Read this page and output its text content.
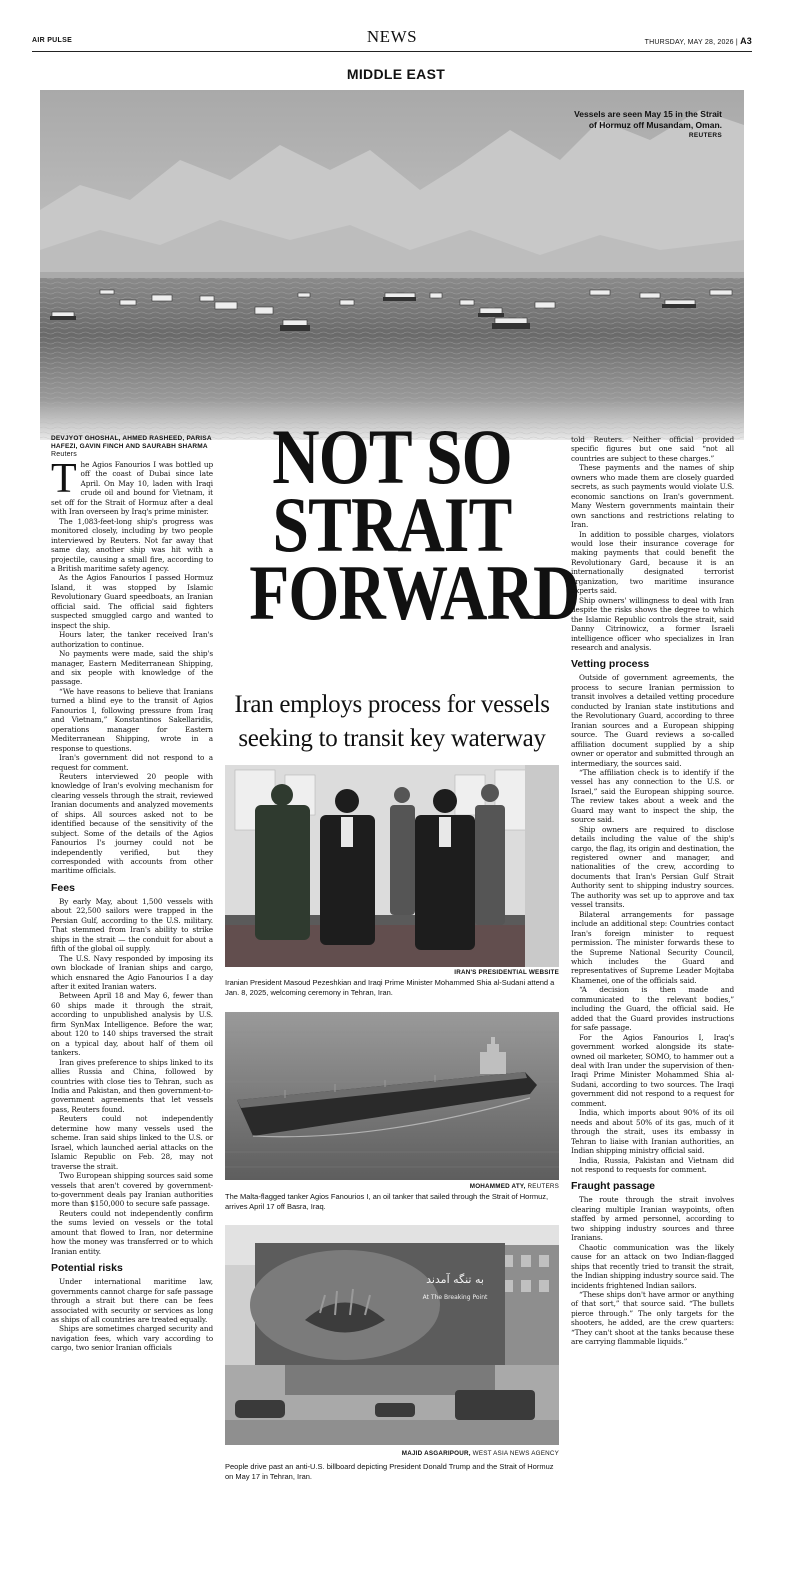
AIR PULSE	NEWS	THURSDAY, MAY 28, 2026 | A3
MIDDLE EAST
Vessels are seen May 15 in the Strait of Hormuz off Musandam, Oman.
REUTERS
DEVJYOT GHOSHAL, AHMED RASHEED, PARISA HAFEZI, GAVIN FINCH AND SAURABH SHARMA
Reuters

The Agios Fanourios I was bottled up off the coast of Dubai since late April. On May 10, laden with Iraqi crude oil and bound for Vietnam, it set off for the Strait of Hormuz after a deal with Iran overseen by Iraq's prime minister.

The 1,083-feet-long ship's progress was monitored closely, including by two people interviewed by Reuters. Not far away that same day, another ship was hit with a projectile, causing a small fire, according to a British maritime safety agency.

As the Agios Fanourios I passed Hormuz Island, it was stopped by Islamic Revolutionary Guard speedboats, an Iranian official said. The official said fighters suspected smuggled cargo and wanted to inspect the ship.

Hours later, the tanker received Iran's authorization to continue.

No payments were made, said the ship's manager, Eastern Mediterranean Shipping, and six people with knowledge of the passage.

“We have reasons to believe that Iranians turned a blind eye to the transit of Agios Fanourios I, following pressure from Iraq and Vietnam,” Konstantinos Sakellaridis, operations manager for Eastern Mediterranean Shipping, wrote in a response to questions.

Iran's government did not respond to a request for comment.

Reuters interviewed 20 people with knowledge of Iran's evolving mechanism for clearing vessels through the strait, reviewed Iranian documents and analyzed movements of ships. All sources asked not to be identified because of the sensitivity of the subject. Some of the details of the Agios Fanourios I's journey could not be independently verified, but they corresponded with accounts from other maritime officials.

Fees

By early May, about 1,500 vessels with about 22,500 sailors were trapped in the Persian Gulf, according to the U.S. military. That stemmed from Iran's ability to strike ships in the strait — the conduit for about a fifth of the global oil supply.

The U.S. Navy responded by imposing its own blockade of Iranian ships and cargo, which ensnared the Agio Fanourios I a day after it exited Iranian waters.

Between April 18 and May 6, fewer than 60 ships made it through the strait, according to unpublished analysis by U.S. firm SynMax Intelligence. Before the war, about 120 to 140 ships traversed the strait on a typical day, about half of them oil tankers.

Iran gives preference to ships linked to its allies Russia and China, followed by countries with close ties to Tehran, such as India and Pakistan, and then government-to-government agreements that let vessels pass, Reuters found.

Reuters could not independently determine how many vessels used the scheme. Iran said ships linked to the U.S. or Israel, which launched aerial attacks on the Islamic Republic on Feb. 28, may not traverse the strait.

Two European shipping sources said some vessels that aren't covered by government-to-government deals pay Iranian authorities more than $150,000 to secure safe passage.

Reuters could not independently confirm the sums levied on vessels or the total amount that flowed to Iran, nor determine how the money was transferred or to which Iranian entity.

Potential risks

Under international maritime law, governments cannot charge for safe passage through a strait but there can be fees associated with security or services as long as ships of all countries are treated equally.

Ships are sometimes charged security and navigation fees, which vary according to cargo, two senior Iranian officials

NOT SO
STRAIT
FORWARD
Iran employs process for vessels seeking to transit key waterway
IRAN'S PRESIDENTIAL WEBSITE
Iranian President Masoud Pezeshkian and Iraqi Prime Minister Mohammed Shia al-Sudani attend a Jan. 8, 2025, welcoming ceremony in Tehran, Iran.
MOHAMMED ATY, REUTERS
The Malta-flagged tanker Agios Fanourios I, an oil tanker that sailed through the Strait of Hormuz, arrives April 17 off Basra, Iraq.
به تنگه آمدند
At The Breaking Point
MAJID ASGARIPOUR, WEST ASIA NEWS AGENCY
People drive past an anti-U.S. billboard depicting President Donald Trump and the Strait of Hormuz on May 17 in Tehran, Iran.

told Reuters. Neither official provided specific figures but one said “not all countries are subject to these charges.”

These payments and the names of ship owners who made them are closely guarded secrets, as such payments would violate U.S. economic sanctions on Iran's government. Many Western governments maintain their own sanctions and restrictions relating to Iran.

In addition to possible charges, violators would lose their insurance coverage for making payments that could benefit the Revolutionary Gard, because it is an internationally designated terrorist organization, two maritime insurance experts said.

Ship owners' willingness to deal with Iran despite the risks shows the degree to which the Islamic Republic controls the strait, said Danny Citrinowicz, a former Israeli intelligence officer who specializes in Iran research and analysis.

Vetting process

Outside of government agreements, the process to secure Iranian permission to transit involves a detailed vetting procedure conducted by Iranian state institutions and the Revolutionary Guard, according to three Iranian sources and a European shipping source. The Guard reviews a so-called affiliation document supplied by a ship owner or operator and submitted through an intermediary, the sources said.

“The affiliation check is to identify if the vessel has any connection to the U.S. or Israel,” said the European shipping source. The review takes about a week and the Guard may want to inspect the ship, the source said.

Ship owners are required to disclose details including the value of the ship's cargo, the flag, its origin and destination, the registered owner and manager, and nationalities of the crew, according to documents that Iran's Persian Gulf Strait Authority sent to shipping industry sources. The authority was set up to approve and tax vessel transits.

Bilateral arrangements for passage include an additional step: Countries contact Iran's foreign minister to request permission. The minister forwards these to the Supreme National Security Council, which includes the Guard and representatives of Supreme Leader Mojtaba Khamenei, one of the officials said.

“A decision is then made and communicated to the relevant bodies,” including the Guard, the official said. He added that the Guard provides instructions for safe passage.

For the Agios Fanourios I, Iraq's government worked alongside its state-owned oil marketer, SOMO, to hammer out a deal with Iran under the supervision of then-Iraqi Prime Minister Mohammed Shia al-Sudani, according to two sources. The Iraqi government did not respond to a request for comment.

India, which imports about 90% of its oil needs and about 50% of its gas, much of it through the strait, uses its embassy in Tehran to liaise with Iranian authorities, an Indian shipping ministry official said.

India, Russia, Pakistan and Vietnam did not respond to requests for comment.

Fraught passage

The route through the strait involves clearing multiple Iranian waypoints, often staffed by armed personnel, according to two shipping industry sources and three Iranians.

Chaotic communication was the likely cause for an attack on two Indian-flagged ships that recently tried to transit the strait, the Indian shipping industry source said. The incidents frightened Indian sailors.

“These ships don't have armor or anything of that sort,” that source said. “The bullets pierce through.” The only targets for the shooters, he added, are the crew quarters: “They can't shoot at the tanks because these are carrying flammable liquids.”
